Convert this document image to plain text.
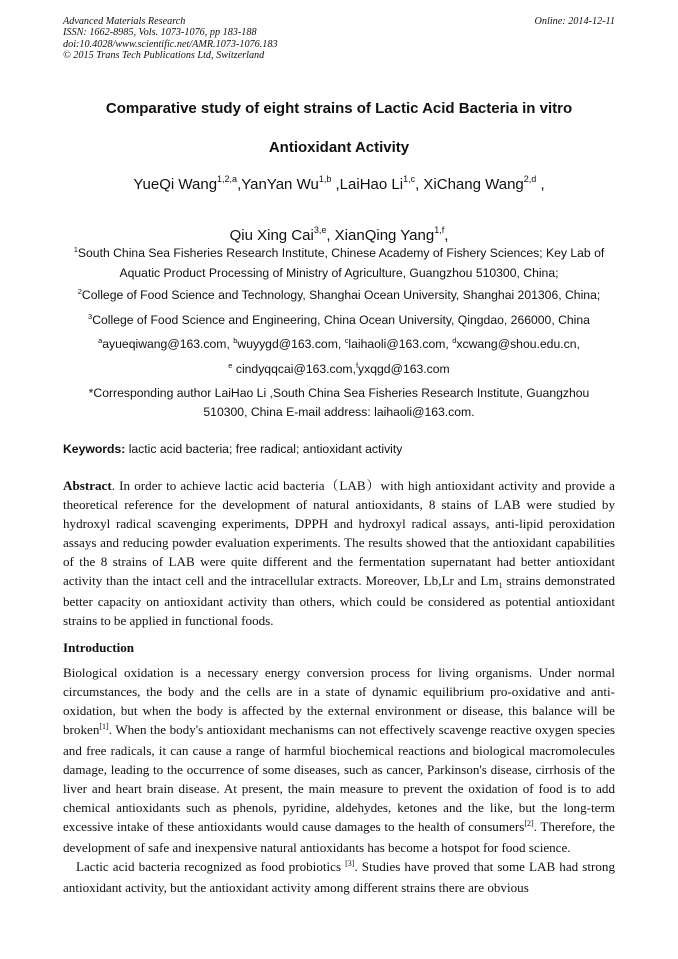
Advanced Materials Research
ISSN: 1662-8985, Vols. 1073-1076, pp 183-188
doi:10.4028/www.scientific.net/AMR.1073-1076.183
© 2015 Trans Tech Publications Ltd, Switzerland
Online: 2014-12-11
Comparative study of eight strains of Lactic Acid Bacteria in vitro
Antioxidant Activity
YueQi Wang$^{1,2,a}$,YanYan Wu$^{1,b}$ ,LaiHao Li$^{1,c}$, XiChang Wang$^{2,d}$ ,
Qiu Xing Cai$^{3,e}$, XianQing Yang$^{1,f}$,
$^1$South China Sea Fisheries Research Institute, Chinese Academy of Fishery Sciences; Key Lab of
Aquatic Product Processing of Ministry of Agriculture, Guangzhou 510300, China;
$^2$College of Food Science and Technology, Shanghai Ocean University, Shanghai 201306, China;
$^3$College of Food Science and Engineering, China Ocean University, Qingdao, 266000, China
$^a$ayueqiwang@163.com, $^b$wuyygd@163.com, $^c$laihaoli@163.com, $^d$xcwang@shou.edu.cn,
$^e$ cindyqqcai@163.com,$^f$yxqgd@163.com
*Corresponding author LaiHao Li ,South China Sea Fisheries Research Institute, Guangzhou
510300, China E-mail address: laihaoli@163.com.
Keywords: lactic acid bacteria; free radical; antioxidant activity
Abstract. In order to achieve lactic acid bacteria（LAB）with high antioxidant activity and provide a theoretical reference for the development of natural antioxidants, 8 stains of LAB were studied by hydroxyl radical scavenging experiments, DPPH and hydroxyl radical assays, anti-lipid peroxidation assays and reducing powder evaluation experiments. The results showed that the antioxidant capabilities of the 8 strains of LAB were quite different and the fermentation supernatant had better antioxidant activity than the intact cell and the intracellular extracts. Moreover, Lb,Lr and $Lm_1$ strains demonstrated better capacity on antioxidant activity than others, which could be considered as potential antioxidant strains to be applied in functional foods.
Introduction
Biological oxidation is a necessary energy conversion process for living organisms. Under normal circumstances, the body and the cells are in a state of dynamic equilibrium pro-oxidative and anti-oxidation, but when the body is affected by the external environment or disease, this balance will be broken[1]. When the body's antioxidant mechanisms can not effectively scavenge reactive oxygen species and free radicals, it can cause a range of harmful biochemical reactions and biological macromolecules damage, leading to the occurrence of some diseases, such as cancer, Parkinson's disease, cirrhosis of the liver and heart brain disease. At present, the main measure to prevent the oxidation of food is to add chemical antioxidants such as phenols, pyridine, aldehydes, ketones and the like, but the long-term excessive intake of these antioxidants would cause damages to the health of consumers[2]. Therefore, the development of safe and inexpensive natural antioxidants has become a hotspot for food science.
Lactic acid bacteria recognized as food probiotics [3]. Studies have proved that some LAB had strong antioxidant activity, but the antioxidant activity among different strains there are obvious
